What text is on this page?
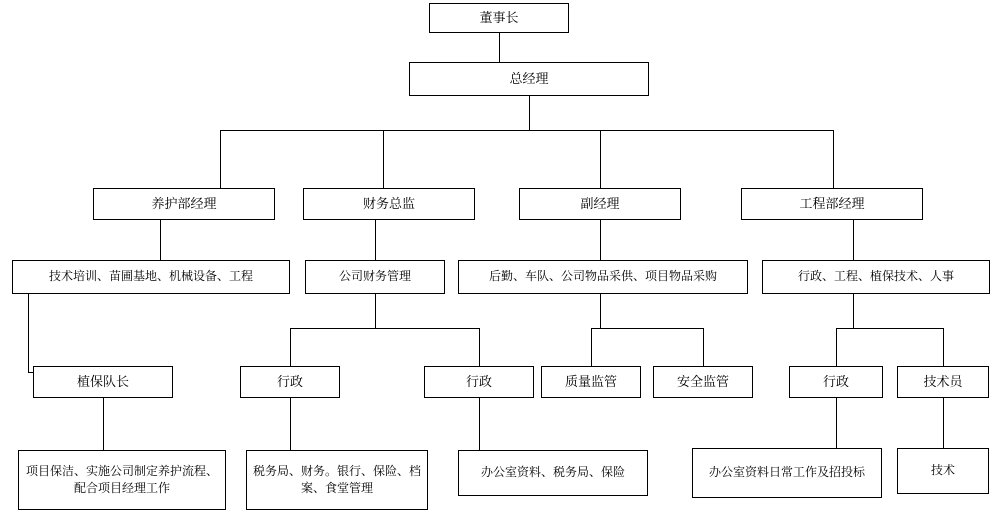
董事长
总经理
养护部经理	财务总监	副经理	工程部经理
技术培训、苗圃基地、机械设备、工程	公司财务管理	后勤、车队、公司物品采供、项目物品采购	行政、工程、植保技术、人事
植保队长	行政	行政	质量监管	安全监管	行政	技术员
项目保洁、实施公司制定养护流程、配合项目经理工作
税务局、财务。银行、保险、档案、食堂管理
办公室资料、税务局、保险	办公室资料日常工作及招投标	技术
